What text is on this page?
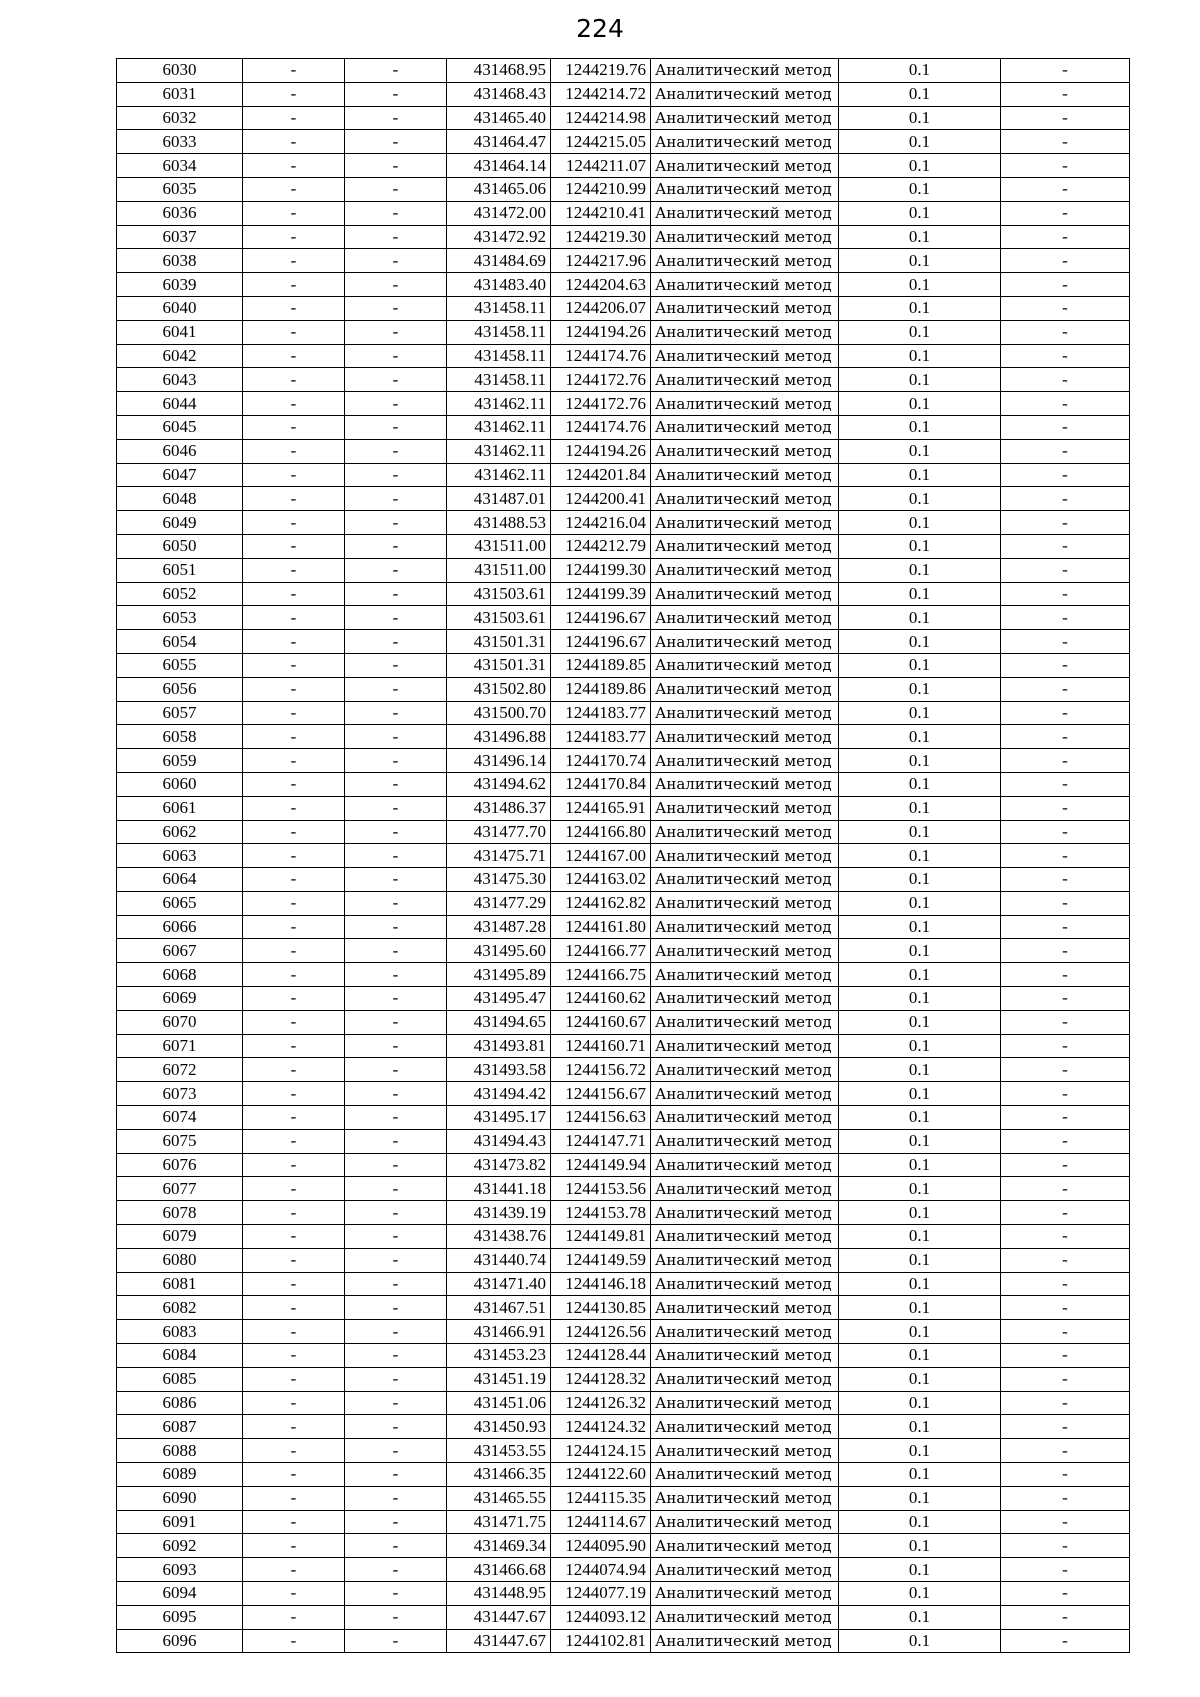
224
6030	-	-	431468.95	1244219.76	Аналитический метод	0.1	-
6031	-	-	431468.43	1244214.72	Аналитический метод	0.1	-
6032	-	-	431465.40	1244214.98	Аналитический метод	0.1	-
6033	-	-	431464.47	1244215.05	Аналитический метод	0.1	-
6034	-	-	431464.14	1244211.07	Аналитический метод	0.1	-
6035	-	-	431465.06	1244210.99	Аналитический метод	0.1	-
6036	-	-	431472.00	1244210.41	Аналитический метод	0.1	-
6037	-	-	431472.92	1244219.30	Аналитический метод	0.1	-
6038	-	-	431484.69	1244217.96	Аналитический метод	0.1	-
6039	-	-	431483.40	1244204.63	Аналитический метод	0.1	-
6040	-	-	431458.11	1244206.07	Аналитический метод	0.1	-
6041	-	-	431458.11	1244194.26	Аналитический метод	0.1	-
6042	-	-	431458.11	1244174.76	Аналитический метод	0.1	-
6043	-	-	431458.11	1244172.76	Аналитический метод	0.1	-
6044	-	-	431462.11	1244172.76	Аналитический метод	0.1	-
6045	-	-	431462.11	1244174.76	Аналитический метод	0.1	-
6046	-	-	431462.11	1244194.26	Аналитический метод	0.1	-
6047	-	-	431462.11	1244201.84	Аналитический метод	0.1	-
6048	-	-	431487.01	1244200.41	Аналитический метод	0.1	-
6049	-	-	431488.53	1244216.04	Аналитический метод	0.1	-
6050	-	-	431511.00	1244212.79	Аналитический метод	0.1	-
6051	-	-	431511.00	1244199.30	Аналитический метод	0.1	-
6052	-	-	431503.61	1244199.39	Аналитический метод	0.1	-
6053	-	-	431503.61	1244196.67	Аналитический метод	0.1	-
6054	-	-	431501.31	1244196.67	Аналитический метод	0.1	-
6055	-	-	431501.31	1244189.85	Аналитический метод	0.1	-
6056	-	-	431502.80	1244189.86	Аналитический метод	0.1	-
6057	-	-	431500.70	1244183.77	Аналитический метод	0.1	-
6058	-	-	431496.88	1244183.77	Аналитический метод	0.1	-
6059	-	-	431496.14	1244170.74	Аналитический метод	0.1	-
6060	-	-	431494.62	1244170.84	Аналитический метод	0.1	-
6061	-	-	431486.37	1244165.91	Аналитический метод	0.1	-
6062	-	-	431477.70	1244166.80	Аналитический метод	0.1	-
6063	-	-	431475.71	1244167.00	Аналитический метод	0.1	-
6064	-	-	431475.30	1244163.02	Аналитический метод	0.1	-
6065	-	-	431477.29	1244162.82	Аналитический метод	0.1	-
6066	-	-	431487.28	1244161.80	Аналитический метод	0.1	-
6067	-	-	431495.60	1244166.77	Аналитический метод	0.1	-
6068	-	-	431495.89	1244166.75	Аналитический метод	0.1	-
6069	-	-	431495.47	1244160.62	Аналитический метод	0.1	-
6070	-	-	431494.65	1244160.67	Аналитический метод	0.1	-
6071	-	-	431493.81	1244160.71	Аналитический метод	0.1	-
6072	-	-	431493.58	1244156.72	Аналитический метод	0.1	-
6073	-	-	431494.42	1244156.67	Аналитический метод	0.1	-
6074	-	-	431495.17	1244156.63	Аналитический метод	0.1	-
6075	-	-	431494.43	1244147.71	Аналитический метод	0.1	-
6076	-	-	431473.82	1244149.94	Аналитический метод	0.1	-
6077	-	-	431441.18	1244153.56	Аналитический метод	0.1	-
6078	-	-	431439.19	1244153.78	Аналитический метод	0.1	-
6079	-	-	431438.76	1244149.81	Аналитический метод	0.1	-
6080	-	-	431440.74	1244149.59	Аналитический метод	0.1	-
6081	-	-	431471.40	1244146.18	Аналитический метод	0.1	-
6082	-	-	431467.51	1244130.85	Аналитический метод	0.1	-
6083	-	-	431466.91	1244126.56	Аналитический метод	0.1	-
6084	-	-	431453.23	1244128.44	Аналитический метод	0.1	-
6085	-	-	431451.19	1244128.32	Аналитический метод	0.1	-
6086	-	-	431451.06	1244126.32	Аналитический метод	0.1	-
6087	-	-	431450.93	1244124.32	Аналитический метод	0.1	-
6088	-	-	431453.55	1244124.15	Аналитический метод	0.1	-
6089	-	-	431466.35	1244122.60	Аналитический метод	0.1	-
6090	-	-	431465.55	1244115.35	Аналитический метод	0.1	-
6091	-	-	431471.75	1244114.67	Аналитический метод	0.1	-
6092	-	-	431469.34	1244095.90	Аналитический метод	0.1	-
6093	-	-	431466.68	1244074.94	Аналитический метод	0.1	-
6094	-	-	431448.95	1244077.19	Аналитический метод	0.1	-
6095	-	-	431447.67	1244093.12	Аналитический метод	0.1	-
6096	-	-	431447.67	1244102.81	Аналитический метод	0.1	-
